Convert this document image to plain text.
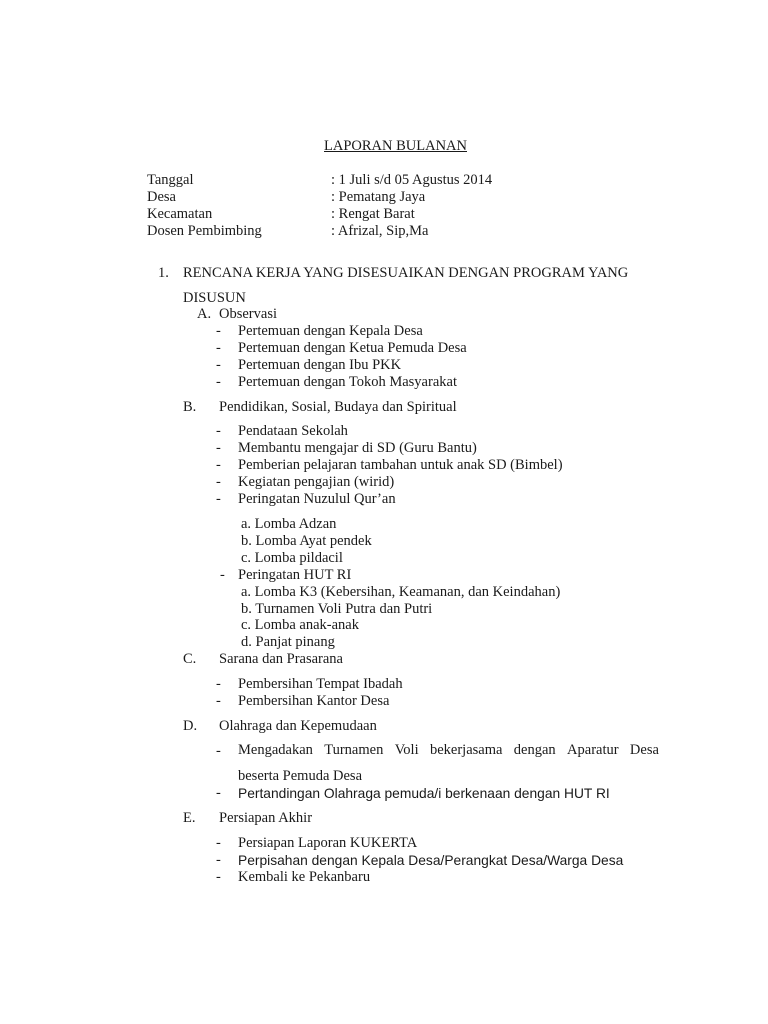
LAPORAN BULANAN
Tanggal	: 1 Juli s/d 05 Agustus 2014
Desa	: Pematang Jaya
Kecamatan	: Rengat Barat
Dosen Pembimbing	: Afrizal, Sip,Ma
1. RENCANA KERJA YANG DISESUAIKAN DENGAN PROGRAM YANG
DISUSUN
A. Observasi
- Pertemuan dengan Kepala Desa
- Pertemuan dengan Ketua Pemuda Desa
- Pertemuan dengan Ibu PKK
- Pertemuan dengan Tokoh Masyarakat
B. Pendidikan, Sosial, Budaya dan Spiritual
- Pendataan Sekolah
- Membantu mengajar di SD (Guru Bantu)
- Pemberian pelajaran tambahan untuk anak SD (Bimbel)
- Kegiatan pengajian (wirid)
- Peringatan Nuzulul Qur’an
a. Lomba Adzan
b. Lomba Ayat pendek
c. Lomba pildacil
- Peringatan HUT RI
a. Lomba K3 (Kebersihan, Keamanan, dan Keindahan)
b. Turnamen Voli Putra dan Putri
c. Lomba anak-anak
d. Panjat pinang
C. Sarana dan Prasarana
- Pembersihan Tempat Ibadah
- Pembersihan Kantor Desa
D. Olahraga dan Kepemudaan
- Mengadakan Turnamen Voli bekerjasama dengan Aparatur Desa
beserta Pemuda Desa
- Pertandingan Olahraga pemuda/i berkenaan dengan HUT RI
E. Persiapan Akhir
- Persiapan Laporan KUKERTA
- Perpisahan dengan Kepala Desa/Perangkat Desa/Warga Desa
- Kembali ke Pekanbaru
